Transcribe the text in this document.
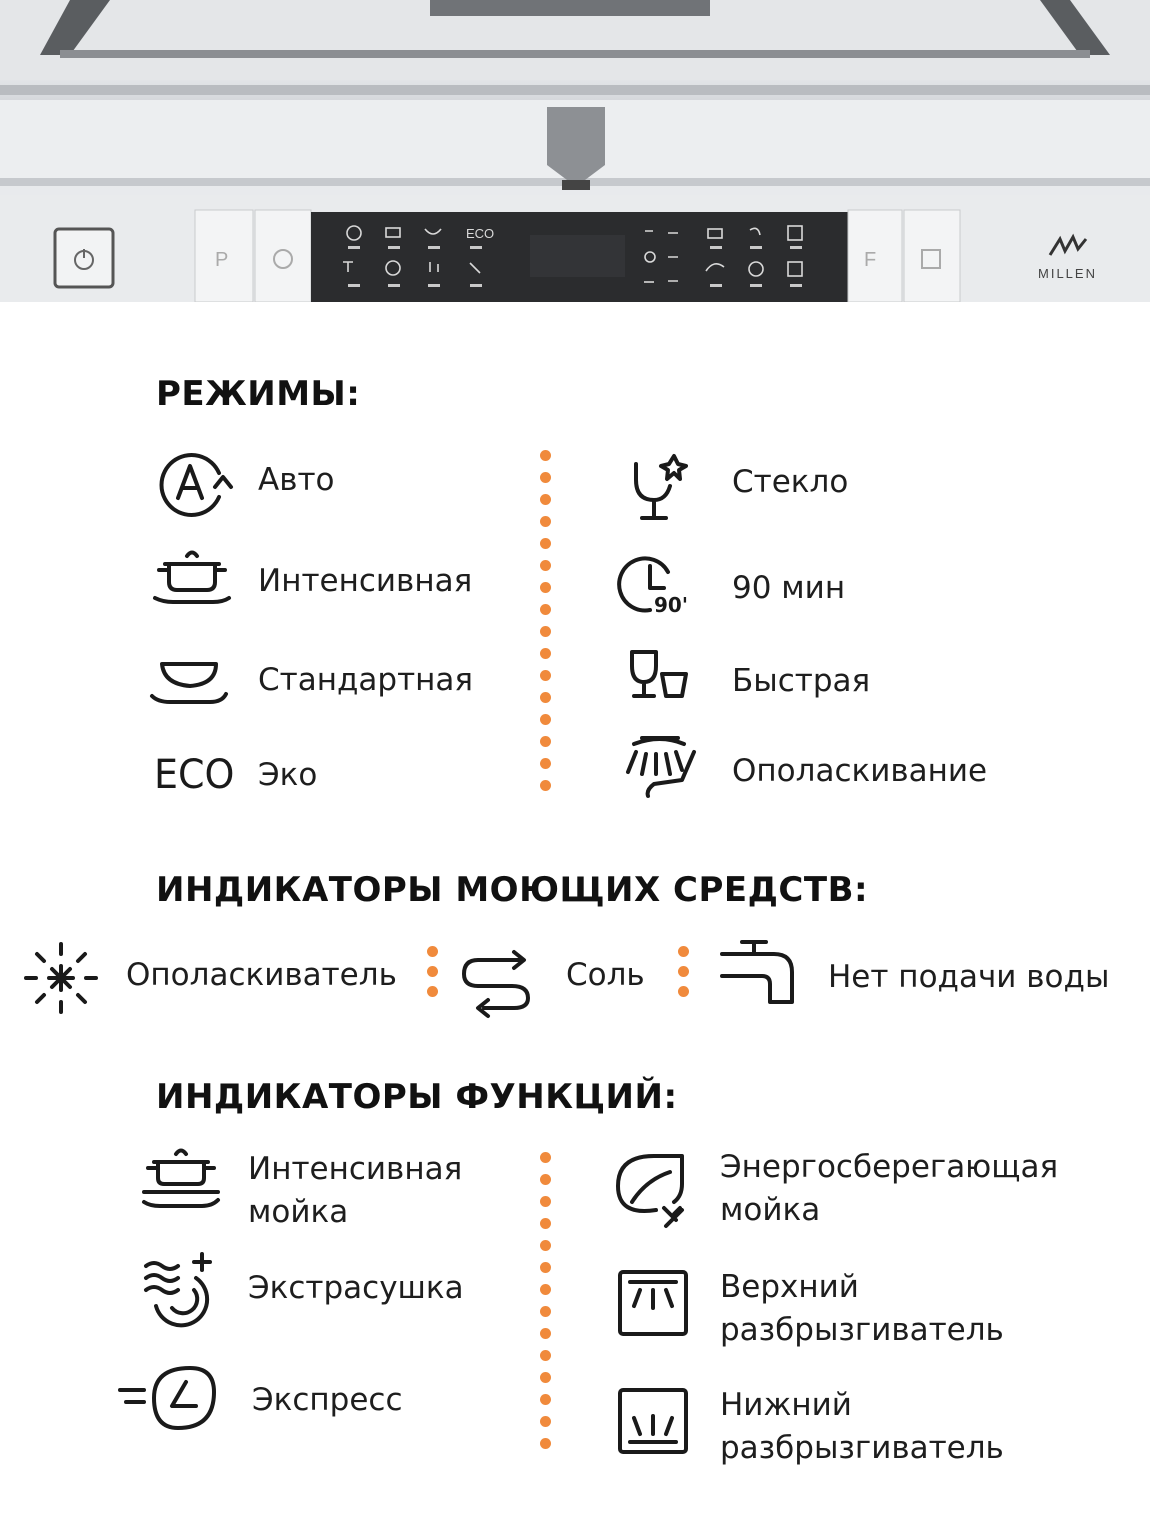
P
ECO
F
MILLEN
РЕЖИМЫ:
Авто
Интенсивная
Стандартная
ECO Эко
Стекло
90' 90 мин
Быстрая
Ополаскивание
ИНДИКАТОРЫ МОЮЩИХ СРЕДСТВ:
Ополаскиватель	Соль	Нет подачи воды
ИНДИКАТОРЫ ФУНКЦИЙ:
Интенсивная
мойка
Экстрасушка
Экспресс
Энергосберегающая
мойка
Верхний
разбрызгиватель
Нижний
разбрызгиватель
